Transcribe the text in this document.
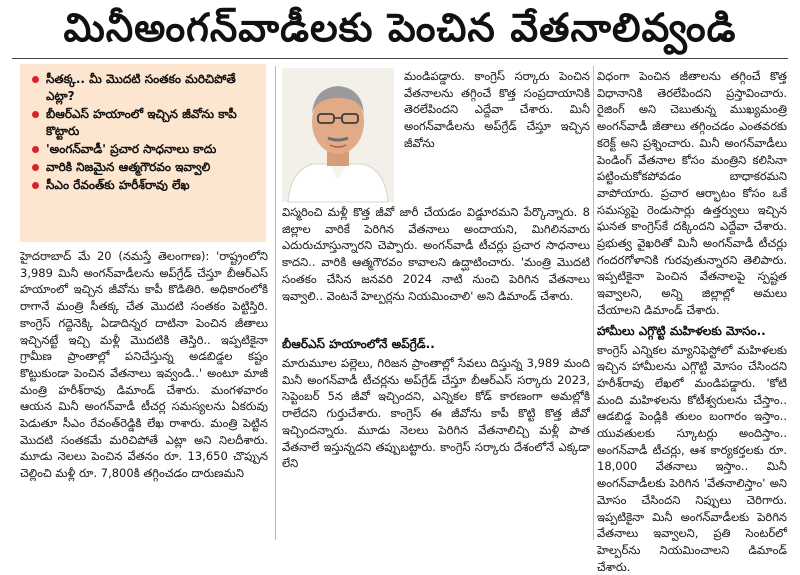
మినీఅంగన్‌వాడీలకు పెంచిన వేతనాలివ్వండి
సీతక్క.. మీ మొదటి సంతకం మరిచిపోతే ఎట్లా?
బీఆర్‌ఎస్‌ హయాంలో ఇచ్చిన జీవోను కాపీ కొట్టారు
'అంగన్‌వాడీ' ప్రచార సాధనాలు కాదు
వారికి నిజమైన ఆత్మగౌరవం ఇవ్వాలి
సీఎం రేవంత్‌కు హరీశ్‌రావు లేఖ

మండిపడ్డారు. కాంగ్రెస్‌ సర్కారు పెంచిన వేతనాలను తగ్గించే కొత్త సంప్రదాయానికి తెరలేపిందని ఎద్దేవా చేశారు. మినీ అంగన్‌వాడీలను అప్‌గ్రేడ్‌ చేస్తూ ఇచ్చిన జీవోను

విస్మరించి మళ్లీ కొత్త జీవో జారీ చేయడం విడ్డూరమని పేర్కొన్నారు. 8 జిల్లాల వారికే పెరిగిన వేతనాలు అందాయని, మిగిలినవారు ఎదురుచూస్తున్నారని చెప్పారు. అంగన్‌వాడీ టీచర్లు ప్రచార సాధనాలు కాదని.. వారికి ఆత్మగౌరవం కావాలని ఉద్ఘాటించారు. 'మంత్రి మొదటి సంతకం చేసిన జనవరి 2024 నాటి నుంచి పెరిగిన వేతనాలు ఇవ్వాలి.. వెంటనే హెల్పర్లను నియమించాలి' అని డిమాండ్‌ చేశారు.

బీఆర్‌ఎస్‌ హయాంలోనే అప్‌గ్రేడ్‌..

మారుమూల పల్లెలు, గిరిజన ప్రాంతాల్లో సేవలు దిస్తున్న 3,989 మంది మినీ అంగన్‌వాడీ టీచర్లను అప్‌గ్రేడ్‌ చేస్తూ బీఆర్‌ఎస్‌ సర్కారు 2023, సెప్టెంబర్‌ 5న జీవో ఇచ్చిందని, ఎన్నికల కోడ్‌ కారణంగా అమల్లోకి రాలేదని గుర్తుచేశారు. కాంగ్రెస్‌ ఈ జీవోను కాపీ కొట్టి కొత్త జీవో ఇచ్చిందన్నారు. మూడు నెలలు పెరిగిన వేతనాలిచ్చి మళ్లీ పాత వేతనాలే ఇస్తున్నదని తప్పుబట్టారు. కాంగ్రెస్‌ సర్కారు దేశంలోనే ఎక్కడా లేని

హైదరాబాద్‌ మే 20 (నమస్తే తెలంగాణ): 'రాష్ట్రంలోని 3,989 మినీ అంగన్‌వాడీలను అప్‌గ్రేడ్‌ చేస్తూ బీఆర్‌ఎస్‌ హయాంలో ఇచ్చిన జీవోను కాపీ కొడితిరి. అధికారంలోకి రాగానే మంత్రి సీతక్క చేత మొదటి సంతకం పెట్టిస్తిరి. కాంగ్రెస్‌ గద్దెనెక్కి ఏడాదిన్నర దాటినా పెంచిన జీతాలు ఇచ్చినట్టే ఇచ్చి మళ్లీ మొదటికి తెస్తిరి.. ఇప్పటికైనా గ్రామీణ ప్రాంతాల్లో పనిచేస్తున్న అడబిడ్డల కష్టం కొట్టుకుండా పెంచిన వేతనాలు ఇవ్వండి..' అంటూ మాజీ మంత్రి హరీశ్‌రావు డిమాండ్‌ చేశారు. మంగళవారం ఆయన మినీ అంగన్‌వాడీ టీచర్ల సమస్యలను ఏకరువు పెడుతూ సీఎం రేవంత్‌రెడ్డికి లేఖ రాశారు. మంత్రి పెట్టిన మొదటి సంతకమే మరిచిపోతే ఎట్లా అని నిలదీశారు. మూడు నెలలు పెంచిన వేతనం రూ. 13,650 చొప్పున చెల్లించి మళ్లీ రూ. 7,800కి తగ్గించడం దారుణమని

విధంగా పెంచిన జీతాలను తగ్గించే కొత్త విధానానికి తెరలేపిందని ప్రస్తావించారు. రైజింగ్‌ అని చెబుతున్న ముఖ్యమంత్రి అంగన్‌వాడీ జీతాలు తగ్గించడం ఎంతవరకు కరెక్ట్‌ అని ప్రశ్నించారు. మినీ అంగన్‌వాడీలు పెండింగ్‌ వేతనాల కోసం మంత్రిని కలిసినా పట్టించుకోకపోవడం బాధాకరమని వాపోయారు. ప్రచార ఆర్భాటం కోసం ఒకే సమస్యపై రెండుసార్లు ఉత్తర్వులు ఇచ్చిన ఘనత కాంగ్రెస్‌కే దక్కిందని ఎద్దేవా చేశారు. ప్రభుత్వ వైఖరితో మినీ అంగన్‌వాడీ టీచర్లు గందరగోళానికి గురవుతున్నారని తెలిపారు. ఇప్పటికైనా పెంచిన వేతనాలపై స్పష్టత ఇవ్వాలని, అన్ని జిల్లాల్లో అమలు చేయాలని డిమాండ్‌ చేశారు.

హామీలు ఎగ్గొట్టి మహిళలకు మోసం..

కాంగ్రెస్‌ ఎన్నికల మ్యానిఫెస్టోలో మహిళలకు ఇచ్చిన హామీలను ఎగ్గొట్టి మోసం చేసిందని హరీశ్‌రావు లేఖలో మండిపడ్డారు. 'కోటి మంది మహిళలను కోటీశ్వరులను చేస్తాం.. ఆడబిడ్డ పెండ్లికి తులం బంగారం ఇస్తాం.. యువతులకు స్కూటర్లు అందిస్తాం.. అంగన్‌వాడీ టీచర్లు, ఆశ కార్యకర్తలకు రూ. 18,000 వేతనాలు ఇస్తాం.. మినీ అంగన్‌వాడీలకు పెరిగిన 'వేతనాలిస్తాం' అని మోసం చేసిందని నిప్పులు చెరిగారు. ఇప్పటికైనా మినీ అంగన్‌వాడీలకు పెరిగిన వేతనాలు ఇవ్వాలని, ప్రతి సెంటర్‌లో హెల్పర్‌ను నియమించాలని డిమాండ్‌ చేశారు.
